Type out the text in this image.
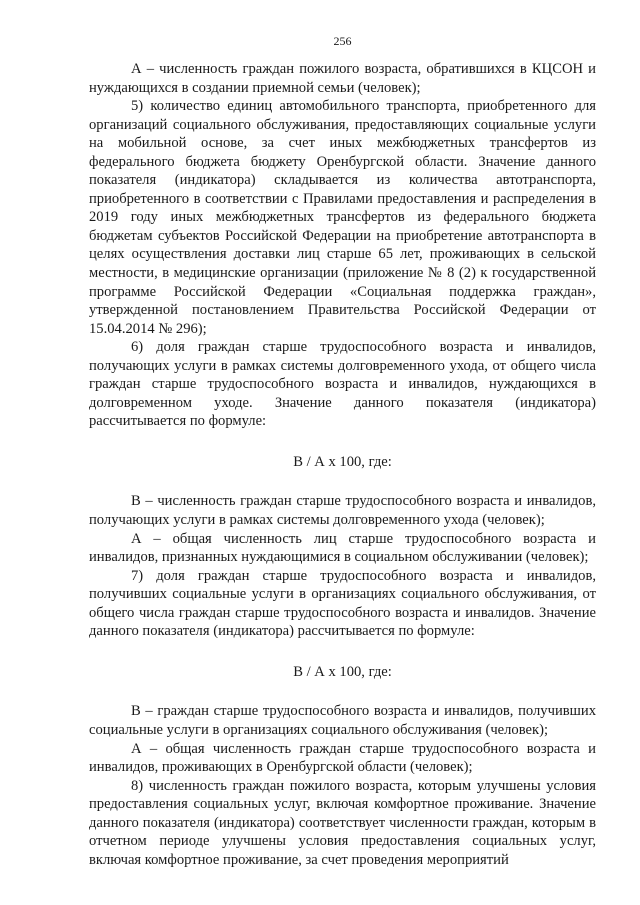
256

А – численность граждан пожилого возраста, обратившихся в КЦСОН и нуждающихся в создании приемной семьи (человек);

5) количество единиц автомобильного транспорта, приобретенного для организаций социального обслуживания, предоставляющих социальные услуги на мобильной основе, за счет иных межбюджетных трансфертов из федерального бюджета бюджету Оренбургской области. Значение данного показателя (индикатора) складывается из количества автотранспорта, приобретенного в соответствии с Правилами предоставления и распределения в 2019 году иных межбюджетных трансфертов из федерального бюджета бюджетам субъектов Российской Федерации на приобретение автотранспорта в целях осуществления доставки лиц старше 65 лет, проживающих в сельской местности, в медицинские организации (приложение № 8 (2) к государственной программе Российской Федерации «Социальная поддержка граждан», утвержденной постановлением Правительства Российской Федерации от 15.04.2014 № 296);

6) доля граждан старше трудоспособного возраста и инвалидов, получающих услуги в рамках системы долговременного ухода, от общего числа граждан старше трудоспособного возраста и инвалидов, нуждающихся в долговременном уходе. Значение данного показателя (индикатора) рассчитывается по формуле:

В / А х 100, где:

В – численность граждан старше трудоспособного возраста и инвалидов, получающих услуги в рамках системы долговременного ухода (человек);

А – общая численность лиц старше трудоспособного возраста и инвалидов, признанных нуждающимися в социальном обслуживании (человек);

7) доля граждан старше трудоспособного возраста и инвалидов, получивших социальные услуги в организациях социального обслуживания, от общего числа граждан старше трудоспособного возраста и инвалидов. Значение данного показателя (индикатора) рассчитывается по формуле:

В / А х 100, где:

В – граждан старше трудоспособного возраста и инвалидов, получивших социальные услуги в организациях социального обслуживания (человек);

А – общая численность граждан старше трудоспособного возраста и инвалидов, проживающих в Оренбургской области (человек);

8) численность граждан пожилого возраста, которым улучшены условия предоставления социальных услуг, включая комфортное проживание. Значение данного показателя (индикатора) соответствует численности граждан, которым в отчетном периоде улучшены условия предоставления социальных услуг, включая комфортное проживание, за счет проведения мероприятий
